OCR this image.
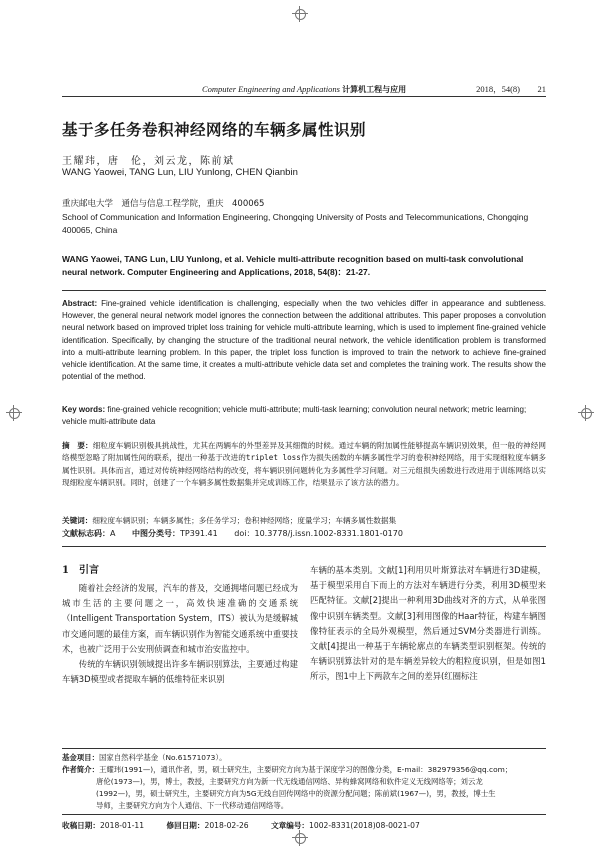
Computer Engineering and Applications 计算机工程与应用	2018，54(8) 21
基于多任务卷积神经网络的车辆多属性识别
王耀玮，唐　伦，刘云龙，陈前斌
WANG Yaowei, TANG Lun, LIU Yunlong, CHEN Qianbin
重庆邮电大学　通信与信息工程学院，重庆　400065
School of Communication and Information Engineering, Chongqing University of Posts and Telecommunications, Chongqing 400065, China
WANG Yaowei, TANG Lun, LIU Yunlong, et al. Vehicle multi-attribute recognition based on multi-task convolutional neural network. Computer Engineering and Applications, 2018, 54(8)：21-27.
Abstract: Fine-grained vehicle identification is challenging, especially when the two vehicles differ in appearance and subtleness. However, the general neural network model ignores the connection between the additional attributes. This paper proposes a convolution neural network based on improved triplet loss training for vehicle multi-attribute learning, which is used to implement fine-grained vehicle identification. Specifically, by changing the structure of the traditional neural network, the vehicle identification problem is transformed into a multi-attribute learning problem. In this paper, the triplet loss function is improved to train the network to achieve fine-grained vehicle identification. At the same time, it creates a multi-attribute vehicle data set and completes the training work. The results show the potential of the method.
Key words: fine-grained vehicle recognition; vehicle multi-attribute; multi-task learning; convolution neural network; metric learning; vehicle multi-attribute data
摘　要：细粒度车辆识别极具挑战性，尤其在两辆车的外型差异及其细微的时候。通过车辆的附加属性能够提高车辆识别效果，但一般的神经网络模型忽略了附加属性间的联系，提出一种基于改进的triplet loss作为损失函数的车辆多属性学习的卷积神经网络，用于实现细粒度车辆多属性识别。具体而言，通过对传统神经网络结构的改变，将车辆识别问题转化为多属性学习问题。对三元组损失函数进行改进用于训练网络以实现细粒度车辆识别。同时，创建了一个车辆多属性数据集并完成训练工作，结果显示了该方法的潜力。
关键词：细粒度车辆识别；车辆多属性；多任务学习；卷积神经网络；度量学习；车辆多属性数据集
文献标志码：A 中图分类号：TP391.41 doi：10.3778/j.issn.1002-8331.1801-0170
1　引言

随着社会经济的发展，汽车的普及，交通拥堵问题已经成为城市生活的主要问题之一，高效快速准确的交通系统（Intelligent Transportation System，ITS）被认为是缓解城市交通问题的最佳方案，而车辆识别作为智能交通系统中重要技术，也被广泛用于公安刑侦调查和城市治安监控中。

传统的车辆识别领域提出许多车辆识别算法，主要通过构建车辆3D模型或者提取车辆的低维特征来识别

车辆的基本类别。文献[1]利用贝叶斯算法对车辆进行3D建模，基于模型采用自下而上的方法对车辆进行分类，利用3D模型来匹配特征。文献[2]提出一种利用3D曲线对齐的方式，从单张图像中识别车辆类型。文献[3]利用图像的Haar特征，构建车辆图像特征表示的全局外观模型，然后通过SVM分类器进行训练。文献[4]提出一种基于车辆轮廓点的车辆类型识别框架。传统的车辆识别算法针对的是车辆差异较大的粗粒度识别，但是如图1所示，图1中上下两款车之间的差异(红圈标注

基金项目：国家自然科学基金（No.61571073）。
作者简介：王耀玮(1991—)，通讯作者，男，硕士研究生，主要研究方向为基于深度学习的图像分类，E-mail：382979356@qq.com；
唐伦(1973—)，男，博士，教授，主要研究方向为新一代无线通信网络、异构蜂窝网络和软件定义无线网络等；刘云龙
(1992—)，男，硕士研究生，主要研究方向为5G无线自回传网络中的资源分配问题；陈前斌(1967—)，男，教授，博士生
导师，主要研究方向为个人通信、下一代移动通信网络等。
收稿日期：2018-01-11	修回日期：2018-02-26	文章编号：1002-8331(2018)08-0021-07
